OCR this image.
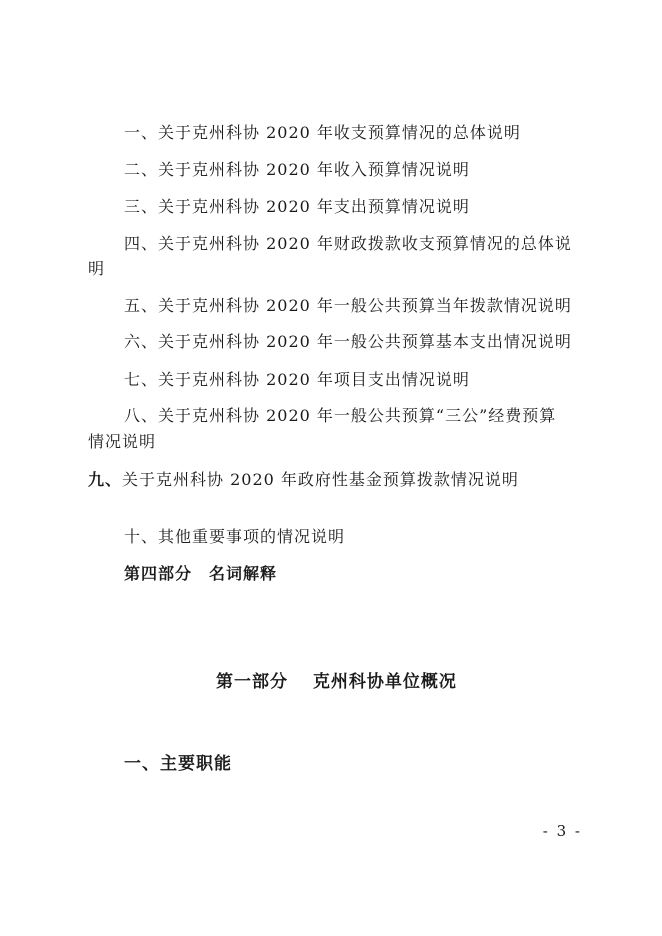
一、关于克州科协 2020 年收支预算情况的总体说明
二、关于克州科协 2020 年收入预算情况说明
三、关于克州科协 2020 年支出预算情况说明
四、关于克州科协 2020 年财政拨款收支预算情况的总体说
明
五、关于克州科协 2020 年一般公共预算当年拨款情况说明
六、关于克州科协 2020 年一般公共预算基本支出情况说明
七、关于克州科协 2020 年项目支出情况说明
八、关于克州科协 2020 年一般公共预算“三公”经费预算
情况说明
九、关于克州科协 2020 年政府性基金预算拨款情况说明
十、其他重要事项的情况说明
第四部分　名词解释
第一部分　 克州科协单位概况
一、主要职能
- 3 -
